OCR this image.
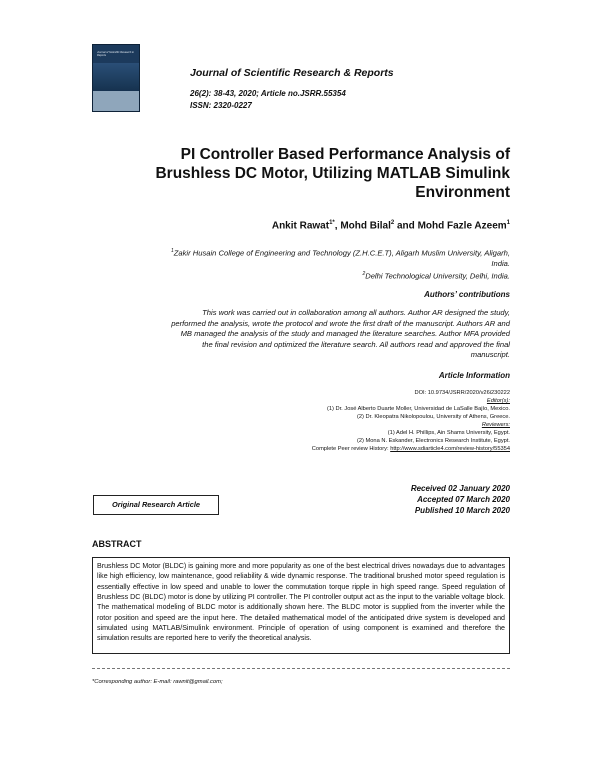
Journal of Scientific Research & Reports
Journal of Scientific Research & Reports
26(2): 38-43, 2020; Article no.JSRR.55354
ISSN: 2320-0227
PI Controller Based Performance Analysis of
Brushless DC Motor, Utilizing MATLAB Simulink
Environment
Ankit Rawat$^{1*}$, Mohd Bilal$^2$ and Mohd Fazle Azeem$^1$
$^1$Zakir Husain College of Engineering and Technology (Z.H.C.E.T), Aligarh Muslim University, Aligarh,
India.
$^2$Delhi Technological University, Delhi, India.
Authors’ contributions
This work was carried out in collaboration among all authors. Author AR designed the study,
performed the analysis, wrote the protocol and wrote the first draft of the manuscript. Authors AR and
MB managed the analysis of the study and managed the literature searches. Author MFA provided
the final revision and optimized the literature search. All authors read and approved the final
manuscript.
Article Information
DOI: 10.9734/JSRR/2020/v26i230222
Editor(s):
(1) Dr. José Alberto Duarte Moller, Universidad de LaSalle Bajío, Mexico.
(2) Dr. Kleopatra Nikolopoulou, University of Athens, Greece.
Reviewers:
(1) Adel H. Phillips, Ain Shams University, Egypt.
(2) Mona N. Eskander, Electronics Research Institute, Egypt.
Complete Peer review History: http://www.sdiarticle4.com/review-history/55354
Original Research Article
Received 02 January 2020
Accepted 07 March 2020
Published 10 March 2020
ABSTRACT
Brushless DC Motor (BLDC) is gaining more and more popularity as one of the best electrical drives nowadays due to advantages like high efficiency, low maintenance, good reliability & wide dynamic response. The traditional brushed motor speed regulation is essentially effective in low speed and unable to lower the commutation torque ripple in high speed range. Speed regulation of Brushless DC (BLDC) motor is done by utilizing PI controller. The PI controller output act as the input to the variable voltage block. The mathematical modeling of BLDC motor is additionally shown here. The BLDC motor is supplied from the inverter while the rotor position and speed are the input here. The detailed mathematical model of the anticipated drive system is developed and simulated using MATLAB/Simulink environment. Principle of operation of using component is examined and therefore the simulation results are reported here to verify the theoretical analysis.
*Corresponding author: E-mail: rawnit@gmail.com;
